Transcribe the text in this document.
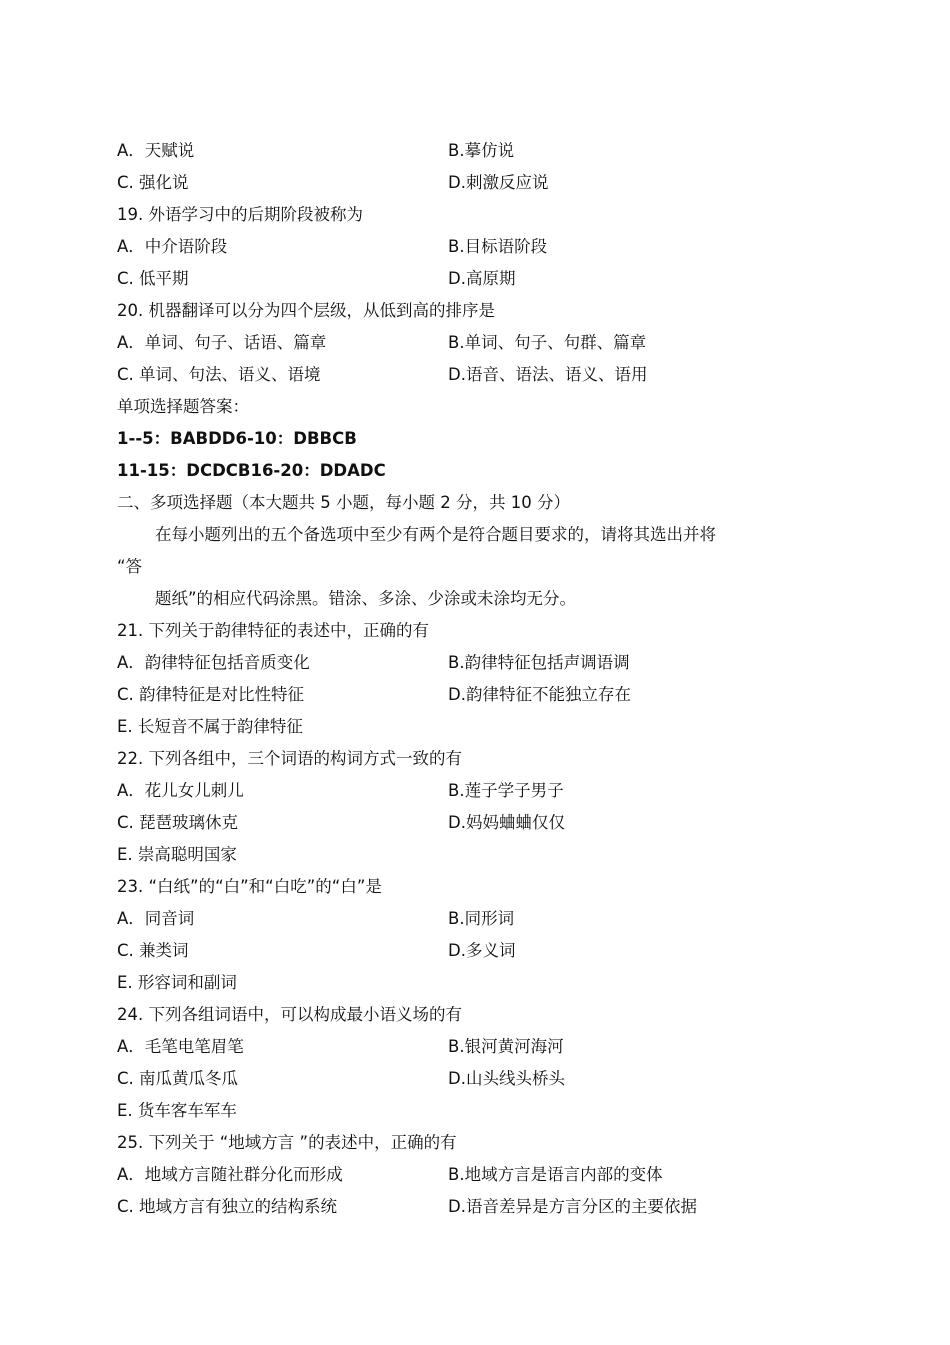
A．天赋说	B.摹仿说
C. 强化说	D.刺激反应说
19. 外语学习中的后期阶段被称为
A．中介语阶段	B.目标语阶段
C. 低平期	D.高原期
20. 机器翻译可以分为四个层级，从低到高的排序是
A．单词、句子、话语、篇章	B.单词、句子、句群、篇章
C. 单词、句法、语义、语境	D.语音、语法、语义、语用
单项选择题答案：
1--5：BABDD6-10：DBBCB
11-15：DCDCB16-20：DDADC
二、多项选择题（本大题共 5 小题，每小题 2 分，共 10 分）
在每小题列出的五个备选项中至少有两个是符合题目要求的，请将其选出并将
“答
题纸”的相应代码涂黑。错涂、多涂、少涂或未涂均无分。
21. 下列关于韵律特征的表述中，正确的有
A．韵律特征包括音质变化	B.韵律特征包括声调语调
C. 韵律特征是对比性特征	D.韵律特征不能独立存在
E. 长短音不属于韵律特征
22. 下列各组中，三个词语的构词方式一致的有
A．花儿女儿刺儿	B.莲子学子男子
C. 琵琶玻璃休克	D.妈妈蛐蛐仅仅
E. 崇高聪明国家
23. “白纸”的“白”和“白吃”的“白”是
A．同音词	B.同形词
C. 兼类词	D.多义词
E. 形容词和副词
24. 下列各组词语中，可以构成最小语义场的有
A．毛笔电笔眉笔	B.银河黄河海河
C. 南瓜黄瓜冬瓜	D.山头线头桥头
E. 货车客车军车
25. 下列关于 “地域方言 ”的表述中，正确的有
A．地域方言随社群分化而形成	B.地域方言是语言内部的变体
C. 地域方言有独立的结构系统	D.语音差异是方言分区的主要依据
